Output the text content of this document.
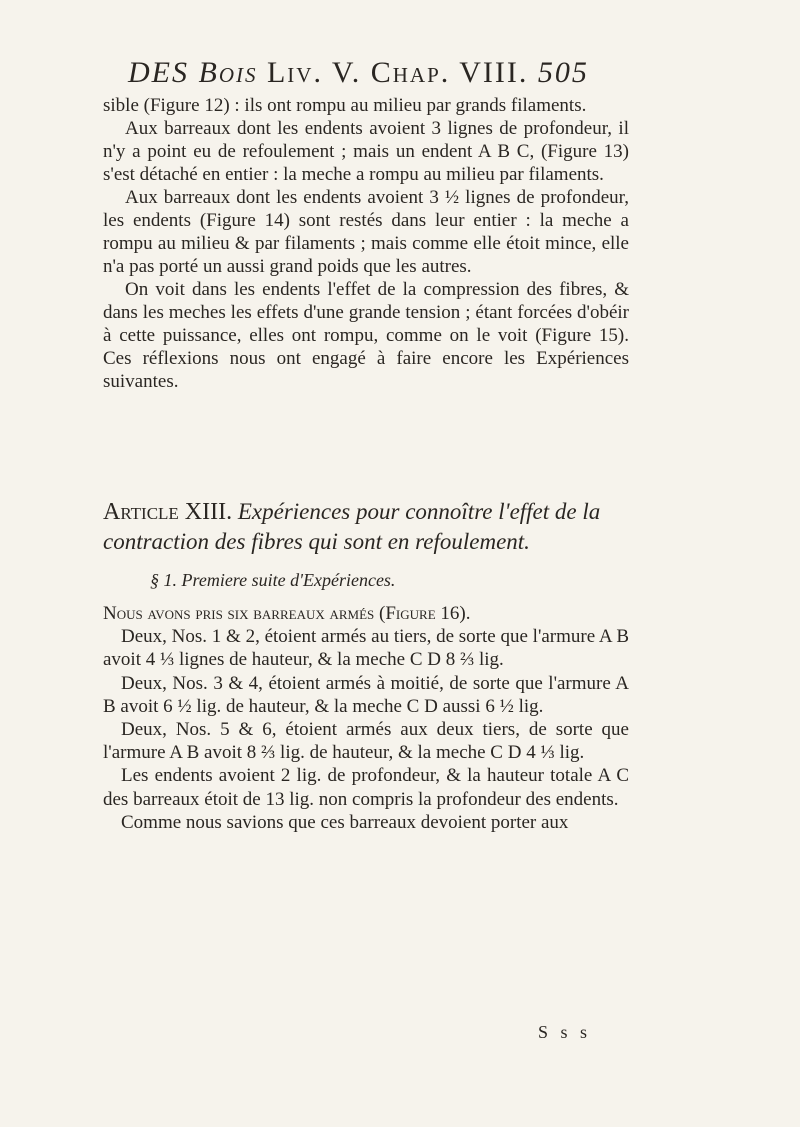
DES Bois Liv. V. Chap. VIII. 505

sible (Figure 12) : ils ont rompu au milieu par grands filaments.

Aux barreaux dont les endents avoient 3 lignes de profondeur, il n'y a point eu de refoulement ; mais un endent A B C, (Figure 13) s'est détaché en entier : la meche a rompu au milieu par filaments.

Aux barreaux dont les endents avoient 3 ½ lignes de profondeur, les endents (Figure 14) sont restés dans leur entier : la meche a rompu au milieu & par filaments ; mais comme elle étoit mince, elle n'a pas porté un aussi grand poids que les autres.

On voit dans les endents l'effet de la compression des fibres, & dans les meches les effets d'une grande tension ; étant forcées d'obéir à cette puissance, elles ont rompu, comme on le voit (Figure 15). Ces réflexions nous ont engagé à faire encore les Expériences suivantes.

Article XIII. Expériences pour connoître l'effet de la contraction des fibres qui sont en refoulement.
§ 1. Premiere suite d'Expériences.

Nous avons pris six barreaux armés (Figure 16).

Deux, Nos. 1 & 2, étoient armés au tiers, de sorte que l'armure A B avoit 4 ⅓ lignes de hauteur, & la meche C D 8 ⅔ lig.

Deux, Nos. 3 & 4, étoient armés à moitié, de sorte que l'armure A B avoit 6 ½ lig. de hauteur, & la meche C D aussi 6 ½ lig.

Deux, Nos. 5 & 6, étoient armés aux deux tiers, de sorte que l'armure A B avoit 8 ⅔ lig. de hauteur, & la meche C D 4 ⅓ lig.

Les endents avoient 2 lig. de profondeur, & la hauteur totale A C des barreaux étoit de 13 lig. non compris la profondeur des endents.

Comme nous savions que ces barreaux devoient porter aux

S s s
